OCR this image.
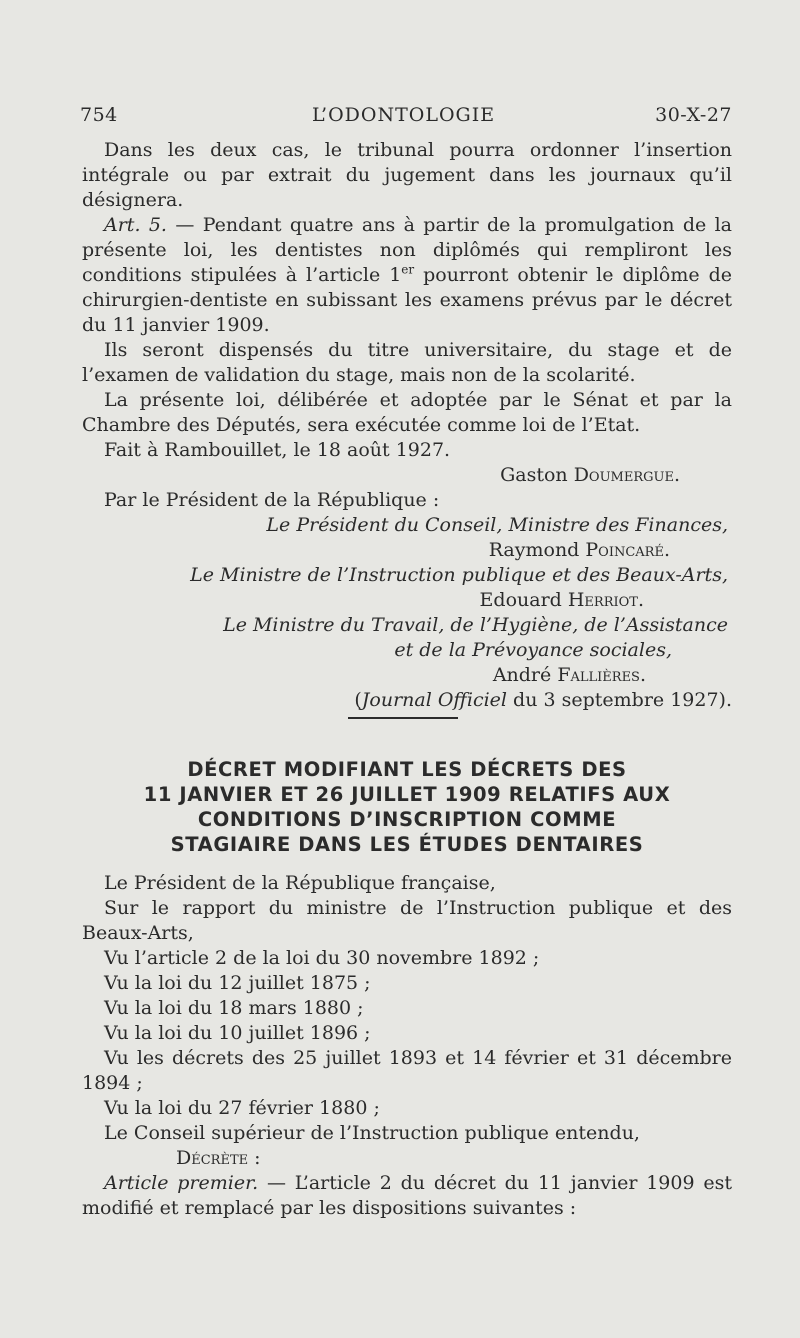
754	L’ODONTOLOGIE	30-X-27

Dans les deux cas, le tribunal pourra ordonner l’insertion intégrale ou par extrait du jugement dans les journaux qu’il désignera.

Art. 5. — Pendant quatre ans à partir de la promulgation de la présente loi, les dentistes non diplômés qui rempliront les conditions stipulées à l’article 1er pourront obtenir le diplôme de chirurgien-dentiste en subissant les examens prévus par le décret du 11 janvier 1909.

Ils seront dispensés du titre universitaire, du stage et de l’examen de validation du stage, mais non de la scolarité.

La présente loi, délibérée et adoptée par le Sénat et par la Chambre des Députés, sera exécutée comme loi de l’Etat.

Fait à Rambouillet, le 18 août 1927.

Gaston Doumergue.

Par le Président de la République :

Le Président du Conseil, Ministre des Finances,

Raymond Poincaré.

Le Ministre de l’Instruction publique et des Beaux-Arts,

Edouard Herriot.

Le Ministre du Travail, de l’Hygiène, de l’Assistance

et de la Prévoyance sociales,

André Fallières.

(Journal Officiel du 3 septembre 1927).

DÉCRET MODIFIANT LES DÉCRETS DES
11 JANVIER ET 26 JUILLET 1909 RELATIFS AUX
CONDITIONS D’INSCRIPTION COMME
STAGIAIRE DANS LES ÉTUDES DENTAIRES

Le Président de la République française,

Sur le rapport du ministre de l’Instruction publique et des Beaux-Arts,

Vu l’article 2 de la loi du 30 novembre 1892 ;

Vu la loi du 12 juillet 1875 ;

Vu la loi du 18 mars 1880 ;

Vu la loi du 10 juillet 1896 ;

Vu les décrets des 25 juillet 1893 et 14 février et 31 décembre 1894 ;

Vu la loi du 27 février 1880 ;

Le Conseil supérieur de l’Instruction publique entendu,

Décrète :

Article premier. — L’article 2 du décret du 11 janvier 1909 est modifié et remplacé par les dispositions suivantes :
